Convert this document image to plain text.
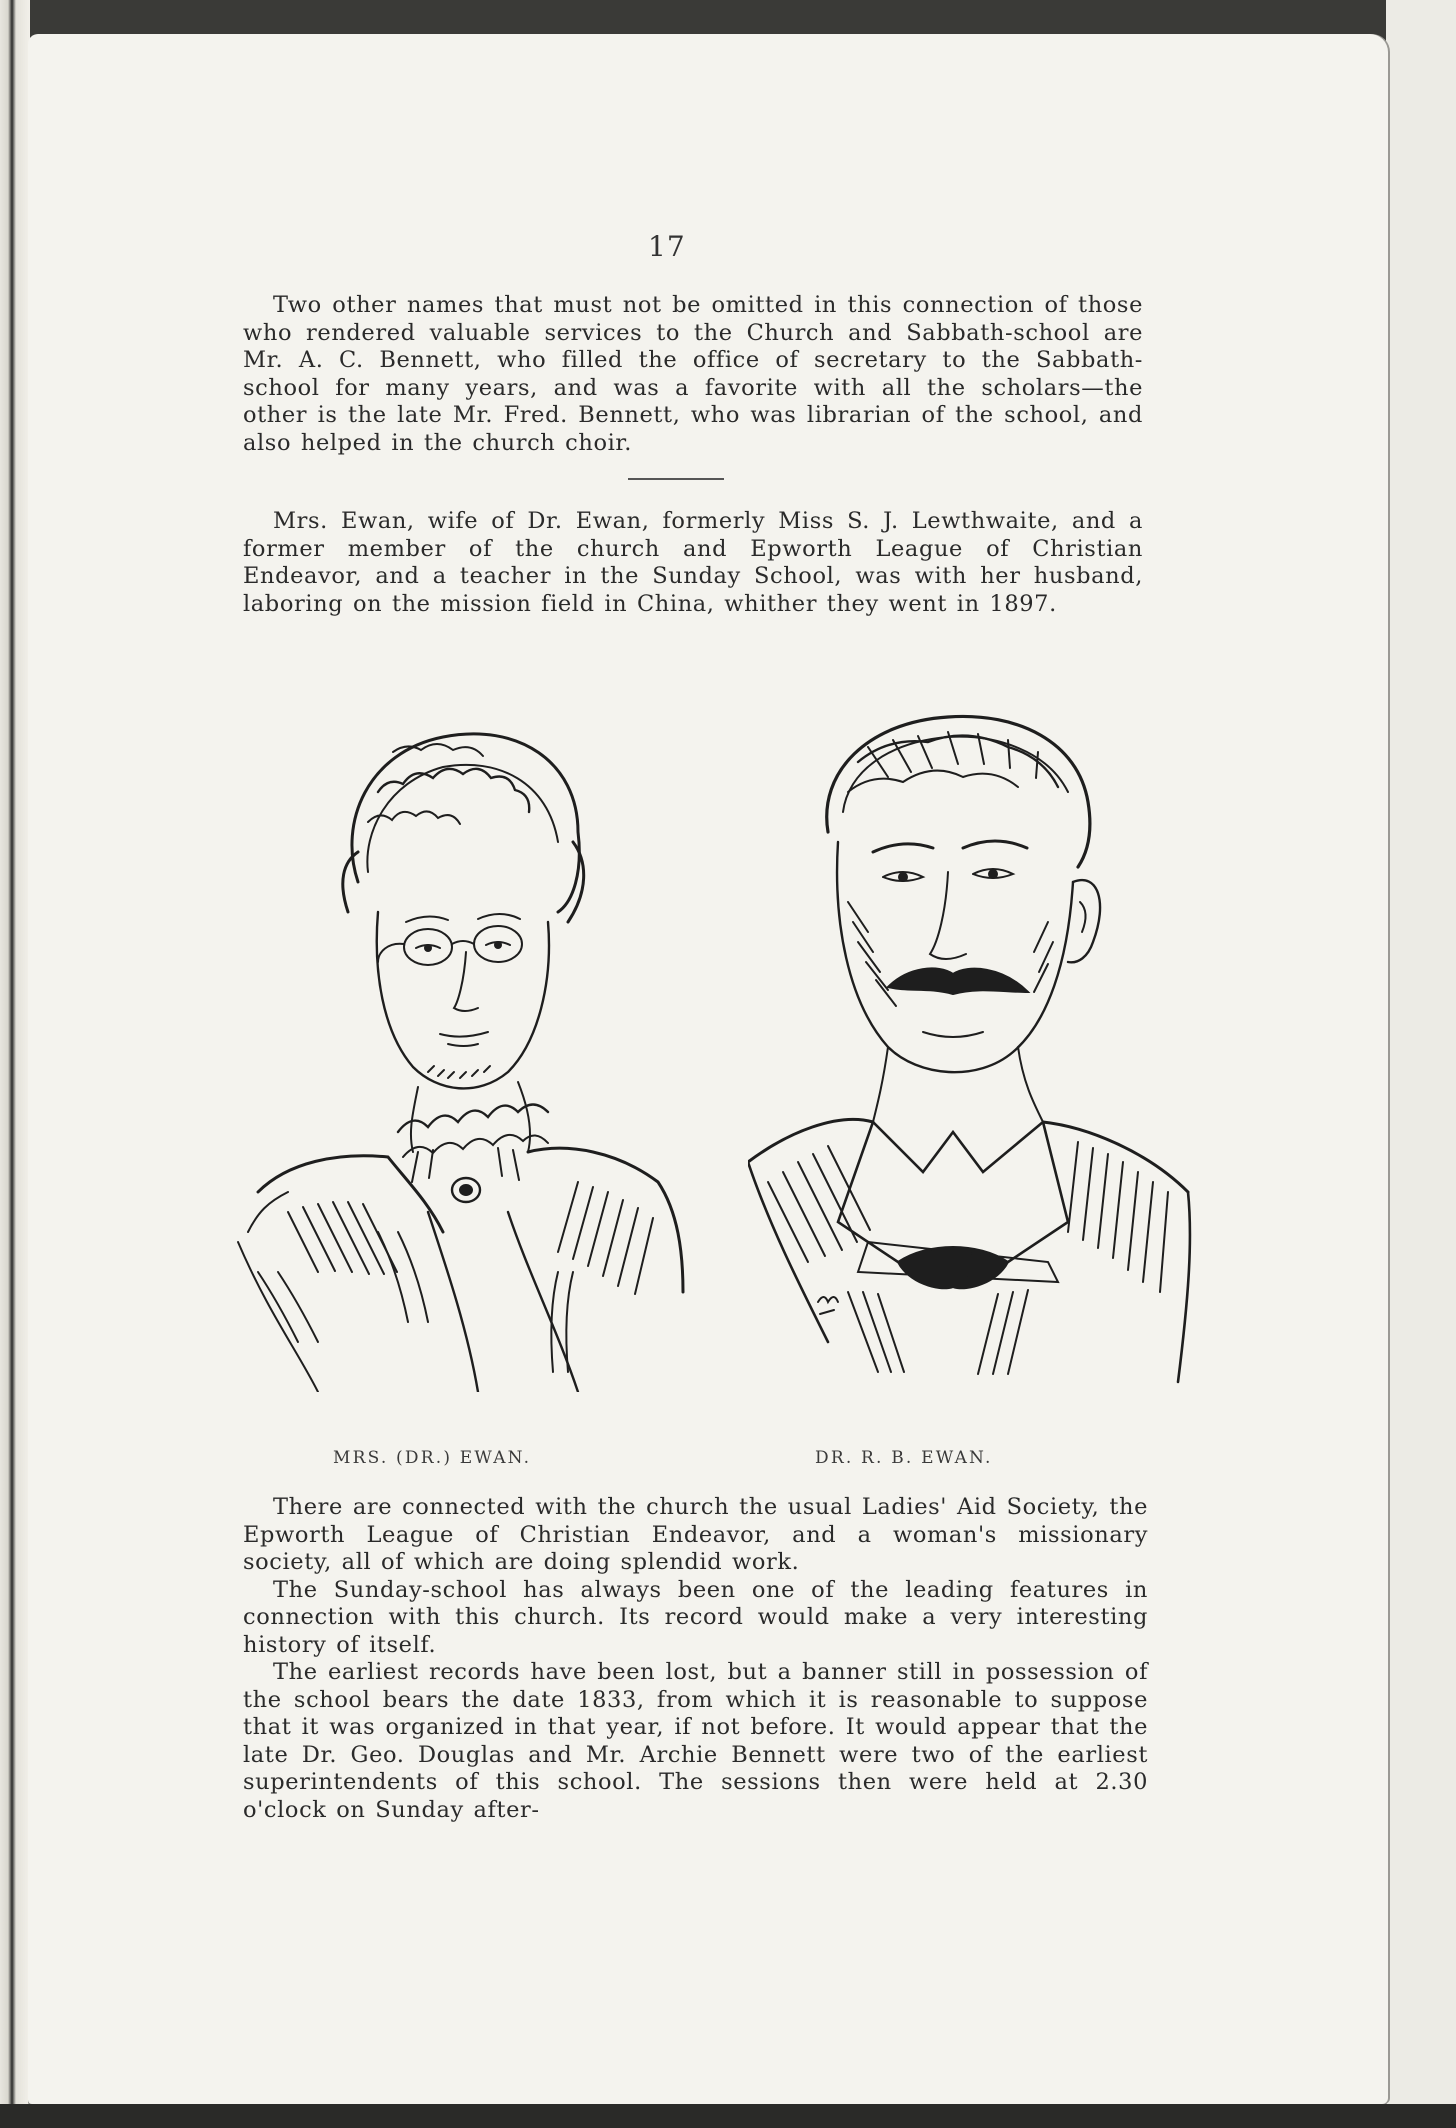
17

Two other names that must not be omitted in this connection of those who rendered valuable services to the Church and Sabbath-school are Mr. A. C. Bennett, who filled the office of secretary to the Sabbath-school for many years, and was a favorite with all the scholars—the other is the late Mr. Fred. Bennett, who was librarian of the school, and also helped in the church choir.

Mrs. Ewan, wife of Dr. Ewan, formerly Miss S. J. Lewthwaite, and a former member of the church and Epworth League of Christian Endeavor, and a teacher in the Sunday School, was with her husband, laboring on the mission field in China, whither they went in 1897.

MRS. (DR.) EWAN.	DR. R. B. EWAN.

There are connected with the church the usual Ladies' Aid Society, the Epworth League of Christian Endeavor, and a woman's missionary society, all of which are doing splendid work.

The Sunday-school has always been one of the leading features in connection with this church. Its record would make a very interesting history of itself.

The earliest records have been lost, but a banner still in possession of the school bears the date 1833, from which it is reasonable to suppose that it was organized in that year, if not before. It would appear that the late Dr. Geo. Douglas and Mr. Archie Bennett were two of the earliest superintendents of this school. The sessions then were held at 2.30 o'clock on Sunday after-
